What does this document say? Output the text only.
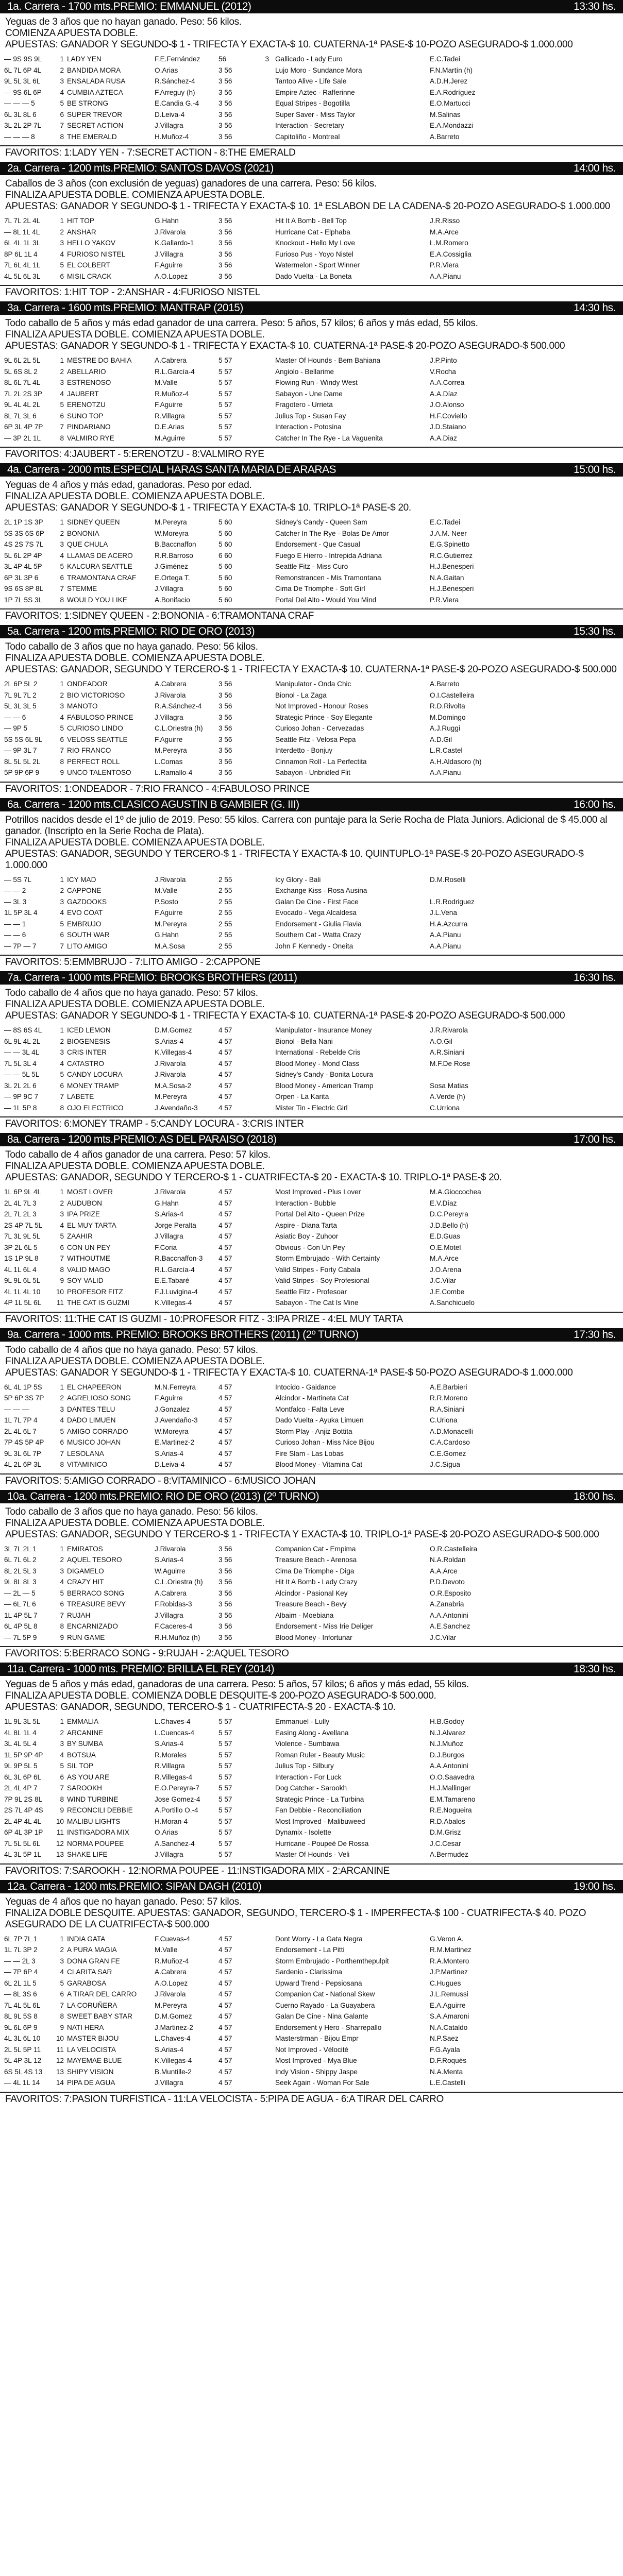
1a. Carrera - 1700 mts.PREMIO: EMMANUEL (2012)	13:30 hs.
Yeguas de 3 años que no hayan ganado. Peso: 56 kilos.
COMIENZA APUESTA DOBLE.
APUESTAS: GANADOR Y SEGUNDO-$ 1 - TRIFECTA Y EXACTA-$ 10. CUATERNA-1ª PASE-$ 10-POZO ASEGURADO-$ 1.000.000
— 9S 9S 9L	1 LADY YEN	F.E.Fernández	56	3 Gallicado - Lady Euro	E.C.Tadei
6L 7L 6P 4L	2 BANDIDA MORA	O.Arias	3 56	Lujo Moro - Sundance Mora	F.N.Martín (h)
9L 5L 3L 6L	3 ENSALADA RUSA	R.Sánchez-4	3 56	Tantoo Alive - Life Sale	A.D.H.Jerez
— 9S 6L 6P	4 CUMBIA AZTECA	F.Arreguy (h)	3 56	Empire Aztec - Rafferinne	E.A.Rodríguez
— — — 5	5 BE STRONG	E.Candia G.-4	3 56	Equal Stripes - Bogotilla	E.O.Martucci
6L 3L 8L 6	6 SUPER TREVOR	D.Leiva-4	3 56	Super Saver - Miss Taylor	M.Salinas
3L 2L 2P 7L	7 SECRET ACTION	J.Villagra	3 56	Interaction - Secretary	E.A.Mondazzi
— — — 8	8 THE EMERALD	H.Muñoz-4	3 56	Capitoliño - Montreal	A.Barreto
FAVORITOS: 1:LADY YEN - 7:SECRET ACTION - 8:THE EMERALD
2a. Carrera - 1200 mts.PREMIO: SANTOS DAVOS (2021)	14:00 hs.
Caballos de 3 años (con exclusión de yeguas) ganadores de una carrera. Peso: 56 kilos.
FINALIZA APUESTA DOBLE. COMIENZA APUESTA DOBLE.
APUESTAS: GANADOR Y SEGUNDO-$ 1 - TRIFECTA Y EXACTA-$ 10. 1ª ESLABON DE LA CADENA-$ 20-POZO ASEGURADO-$ 1.000.000
7L 7L 2L 4L	1 HIT TOP	G.Hahn	3 56	Hit It A Bomb - Bell Top	J.R.Risso
— 8L 1L 4L	2 ANSHAR	J.Rivarola	3 56	Hurricane Cat - Elphaba	M.A.Arce
6L 4L 1L 3L	3 HELLO YAKOV	K.Gallardo-1	3 56	Knockout - Hello My Love	L.M.Romero
8P 6L 1L 4	4 FURIOSO NISTEL	J.Villagra	3 56	Furioso Pus - Yoyo Nistel	E.A.Cossiglia
7L 6L 4L 1L	5 EL COLBERT	F.Aguirre	3 56	Watermelon - Sport Winner	P.R.Viera
4L 5L 6L 3L	6 MISIL CRACK	A.O.Lopez	3 56	Dado Vuelta - La Boneta	A.A.Pianu
FAVORITOS: 1:HIT TOP - 2:ANSHAR - 4:FURIOSO NISTEL
3a. Carrera - 1600 mts.PREMIO: MANTRAP (2015)	14:30 hs.
Todo caballo de 5 años y más edad ganador de una carrera. Peso: 5 años, 57 kilos; 6 años y más edad, 55 kilos.
FINALIZA APUESTA DOBLE. COMIENZA APUESTA DOBLE.
APUESTAS: GANADOR Y SEGUNDO-$ 1 - TRIFECTA Y EXACTA-$ 10. CUATERNA-1ª PASE-$ 20-POZO ASEGURADO-$ 500.000
9L 6L 2L 5L	1 MESTRE DO BAHIA	A.Cabrera	5 57	Master Of Hounds - Bem Bahiana	J.P.Pinto
5L 6S 8L 2	2 ABELLARIO	R.L.García-4	5 57	Angiolo - Bellarime	V.Rocha
8L 6L 7L 4L	3 ESTRENOSO	M.Valle	5 57	Flowing Run - Windy West	A.A.Correa
7L 2L 2S 3P	4 JAUBERT	R.Muñoz-4	5 57	Sabayon - Une Dame	A.A.Díaz
9L 4L 4L 2L	5 ERENOTZU	F.Aguirre	5 57	Fragotero - Urrieta	J.O.Alonso
8L 7L 3L 6	6 SUNO TOP	R.Villagra	5 57	Julius Top - Susan Fay	H.F.Coviello
6P 3L 4P 7P	7 PINDARIANO	D.E.Arias	5 57	Interaction - Potosina	J.D.Staiano
— 3P 2L 1L	8 VALMIRO RYE	M.Aguirre	5 57	Catcher In The Rye - La Vaguenita	A.A.Diaz
FAVORITOS: 4:JAUBERT - 5:ERENOTZU - 8:VALMIRO RYE
4a. Carrera - 2000 mts.ESPECIAL HARAS SANTA MARIA DE ARARAS	15:00 hs.
Yeguas de 4 años y más edad, ganadoras. Peso por edad.
FINALIZA APUESTA DOBLE. COMIENZA APUESTA DOBLE.
APUESTAS: GANADOR Y SEGUNDO-$ 1 - TRIFECTA Y EXACTA-$ 10. TRIPLO-1ª PASE-$ 20.
2L 1P 1S 3P	1 SIDNEY QUEEN	M.Pereyra	5 60	Sidney's Candy - Queen Sam	E.C.Tadei
5S 3S 6S 6P	2 BONONIA	W.Moreyra	5 60	Catcher In The Rye - Bolas De Amor	J.A.M. Neer
4S 2S 7S 7L	3 QUE CHULA	B.Baccnaffon	5 60	Endorsement - Que Casual	E.G.Spinetto
5L 6L 2P 4P	4 LLAMAS DE ACERO	R.R.Barroso	6 60	Fuego E Hierro - Intrepida Adriana	R.C.Gutierrez
3L 4P 4L 5P	5 KALCURA SEATTLE	J.Giménez	5 60	Seattle Fitz - Miss Curo	H.J.Benesperi
6P 3L 3P 6	6 TRAMONTANA CRAF	E.Ortega T.	5 60	Remonstrancen - Mis Tramontana	N.A.Gaitan
9S 6S 8P 8L	7 STEMME	J.Villagra	5 60	Cima De Triomphe - Soft Girl	H.J.Benesperi
1P 7L 5S 3L	8 WOULD YOU LIKE	A.Bonifacio	5 60	Portal Del Alto - Would You Mind	P.R.Viera
FAVORITOS: 1:SIDNEY QUEEN - 2:BONONIA - 6:TRAMONTANA CRAF
5a. Carrera - 1200 mts.PREMIO: RIO DE ORO (2013)	15:30 hs.
Todo caballo de 3 años que no haya ganado. Peso: 56 kilos.
FINALIZA APUESTA DOBLE. COMIENZA APUESTA DOBLE.
APUESTAS: GANADOR, SEGUNDO Y TERCERO-$ 1 - TRIFECTA Y EXACTA-$ 10. CUATERNA-1ª PASE-$ 20-POZO ASEGURADO-$ 500.000
2L 6P 5L 2	1 ONDEADOR	A.Cabrera	3 56	Manipulator - Onda Chic	A.Barreto
7L 9L 7L 2	2 BIO VICTORIOSO	J.Rivarola	3 56	Bionol - La Zaga	O.I.Castelleira
5L 3L 3L 5	3 MANOTO	R.A.Sánchez-4	3 56	Not Improved - Honour Roses	R.D.Rivolta
— — 6	4 FABULOSO PRINCE	J.Villagra	3 56	Strategic Prince - Soy Elegante	M.Domingo
— 9P 5	5 CURIOSO LINDO	C.L.Oriestra (h)	3 56	Curioso Johan - Cervezadas	A.J.Ruggi
5S 5S 6L 9L	6 VELOSS SEATTLE	F.Aguirre	3 56	Seattle Fitz - Velosa Pepa	A.D.Gil
— 9P 3L 7	7 RIO FRANCO	M.Pereyra	3 56	Interdetto - Bonjuy	L.R.Castel
8L 5L 5L 2L	8 PERFECT ROLL	L.Comas	3 56	Cinnamon Roll - La Perfectita	A.H.Aldasoro (h)
5P 9P 6P 9	9 UNCO TALENTOSO	L.Ramallo-4	3 56	Sabayon - Unbridled Flit	A.A.Pianu
FAVORITOS: 1:ONDEADOR - 7:RIO FRANCO - 4:FABULOSO PRINCE
6a. Carrera - 1200 mts.CLASICO AGUSTIN B GAMBIER (G. III)	16:00 hs.
Potrillos nacidos desde el 1º de julio de 2019. Peso: 55 kilos. Carrera con puntaje para la Serie Rocha de Plata Juniors. Adicional de $ 45.000 al ganador. (Inscripto en la Serie Rocha de Plata).
FINALIZA APUESTA DOBLE. COMIENZA APUESTA DOBLE.
APUESTAS: GANADOR, SEGUNDO Y TERCERO-$ 1 - TRIFECTA Y EXACTA-$ 10. QUINTUPLO-1ª PASE-$ 20-POZO ASEGURADO-$ 1.000.000
— 5S 7L	1 ICY MAD	J.Rivarola	2 55	Icy Glory - Bali	D.M.Roselli
— — 2	2 CAPPONE	M.Valle	2 55	Exchange Kiss - Rosa Ausina
— 3L 3	3 GAZDOOKS	P.Sosto	2 55	Galan De Cine - First Face	L.R.Rodriguez
1L 5P 3L 4	4 EVO COAT	F.Aguirre	2 55	Evocado - Vega Alcaldesa	J.L.Vena
— — 1	5 EMBRUJO	M.Pereyra	2 55	Endorsement - Giulia Flavia	H.A.Azcurra
— — 6	6 SOUTH WAR	G.Hahn	2 55	Southern Cat - Watta Crazy	A.A.Pianu
— 7P — 7	7 LITO AMIGO	M.A.Sosa	2 55	John F Kennedy - Oneita	A.A.Pianu
FAVORITOS: 5:EMMBRUJO - 7:LITO AMIGO - 2:CAPPONE
7a. Carrera - 1000 mts.PREMIO: BROOKS BROTHERS (2011)	16:30 hs.
Todo caballo de 4 años que no haya ganado. Peso: 57 kilos.
FINALIZA APUESTA DOBLE. COMIENZA APUESTA DOBLE.
APUESTAS: GANADOR Y SEGUNDO-$ 1 - TRIFECTA Y EXACTA-$ 10. CUATERNA-1ª PASE-$ 20-POZO ASEGURADO-$ 500.000
— 8S 6S 4L	1 ICED LEMON	D.M.Gomez	4 57	Manipulator - Insurance Money	J.R.Rivarola
6L 9L 4L 2L	2 BIOGENESIS	S.Arias-4	4 57	Bionol - Bella Nani	A.O.Gil
— — 3L 4L	3 CRIS INTER	K.Villegas-4	4 57	International - Rebelde Cris	A.R.Siniani
7L 5L 3L 4	4 CATASTRO	J.Rivarola	4 57	Blood Money - Mond Class	M.F.De Rose
— — 5L 5L	5 CANDY LOCURA	J.Rivarola	4 57	Sidney's Candy - Bonita Locura
3L 2L 2L 6	6 MONEY TRAMP	M.A.Sosa-2	4 57	Blood Money - American Tramp	Sosa Matias
— 9P 9C 7	7 LABETE	M.Pereyra	4 57	Orpen - La Karita	A.Verde (h)
— 1L 5P 8	8 OJO ELECTRICO	J.Avendaño-3	4 57	Mister Tin - Electric Girl	C.Urriona
FAVORITOS: 6:MONEY TRAMP - 5:CANDY LOCURA - 3:CRIS INTER
8a. Carrera - 1200 mts.PREMIO: AS DEL PARAISO (2018)	17:00 hs.
Todo caballo de 4 años ganador de una carrera. Peso: 57 kilos.
FINALIZA APUESTA DOBLE. COMIENZA APUESTA DOBLE.
APUESTAS: GANADOR, SEGUNDO Y TERCERO-$ 1 - CUATRIFECTA-$ 20 - EXACTA-$ 10. TRIPLO-1ª PASE-$ 20.
1L 6P 9L 4L	1 MOST LOVER	J.Rivarola	4 57	Most Improved - Plus Lover	M.A.Gioccochea
2L 4L 7L 3	2 AUDUBON	G.Hahn	4 57	Interaction - Bubble	E.V.Díaz
2L 7L 2L 3	3 IPA PRIZE	S.Arias-4	4 57	Portal Del Alto - Queen Prize	D.C.Pereyra
2S 4P 7L 5L	4 EL MUY TARTA	Jorge Peralta	4 57	Aspire - Diana Tarta	J.D.Bello (h)
7L 3L 9L 5L	5 ZAAHIR	J.Villagra	4 57	Asiatic Boy - Zuhoor	E.D.Guas
3P 2L 6L 5	6 CON UN PEY	F.Coria	4 57	Obvious - Con Un Pey	O.E.Motel
1S 1P 9L 8	7 WITHOUTME	R.Baccnaffon-3	4 57	Storm Embrujado - With Certainty	M.A.Arce
4L 1L 6L 4	8 VALID MAGO	R.L.García-4	4 57	Valid Stripes - Forty Cabala	J.O.Arena
9L 9L 6L 5L	9 SOY VALID	E.E.Tabaré	4 57	Valid Stripes - Soy Profesional	J.C.Vilar
4L 1L 4L 10	10 PROFESOR FITZ	F.J.Luvigina-4	4 57	Seattle Fitz - Profesoar	J.E.Combe
4P 1L 5L 6L	11 THE CAT IS GUZMI	K.Villegas-4	4 57	Sabayon - The Cat Is Mine	A.Sanchicuelo
FAVORITOS: 11:THE CAT IS GUZMI - 10:PROFESOR FITZ - 3:IPA PRIZE - 4:EL MUY TARTA
9a. Carrera - 1000 mts. PREMIO: BROOKS BROTHERS (2011) (2º TURNO)	17:30 hs.
Todo caballo de 4 años que no haya ganado. Peso: 57 kilos.
FINALIZA APUESTA DOBLE. COMIENZA APUESTA DOBLE.
APUESTAS: GANADOR Y SEGUNDO-$ 1 - TRIFECTA Y EXACTA-$ 10. CUATERNA-1ª PASE-$ 50-POZO ASEGURADO-$ 1.000.000
6L 4L 1P 5S	1 EL CHAPEERON	M.N.Ferreyra	4 57	Intocido - Gaidance	A.E.Barbieri
5P 6P 3S 7P	2 AGRELIOSO SONG	F.Aguirre	4 57	Alcindor - Martineta Cat	R.R.Moreno
— — —	3 DANTES TELU	J.Gonzalez	4 57	Montfalco - Falta Leve	R.A.Siniani
1L 7L 7P 4	4 DADO LIMUEN	J.Avendaño-3	4 57	Dado Vuelta - Ayuka Limuen	C.Uriona
2L 4L 6L 7	5 AMIGO CORRADO	W.Moreyra	4 57	Storm Play - Anjiz Bottita	A.D.Monacelli
7P 4S 5P 4P	6 MUSICO JOHAN	E.Martinez-2	4 57	Curioso Johan - Miss Nice Bijou	C.A.Cardoso
9L 3L 6L 7P	7 LESOLANA	S.Arias-4	4 57	Fire Slam - Las Lobas	C.E.Gomez
4L 2L 6P 3L	8 VITAMINICO	D.Leiva-4	4 57	Blood Money - Vitamina Cat	J.C.Sigua
FAVORITOS: 5:AMIGO CORRADO - 8:VITAMINICO - 6:MUSICO JOHAN
10a. Carrera - 1200 mts.PREMIO: RIO DE ORO (2013) (2º TURNO)	18:00 hs.
Todo caballo de 3 años que no haya ganado. Peso: 56 kilos.
FINALIZA APUESTA DOBLE. COMIENZA APUESTA DOBLE.
APUESTAS: GANADOR, SEGUNDO Y TERCERO-$ 1 - TRIFECTA Y EXACTA-$ 10. TRIPLO-1ª PASE-$ 20-POZO ASEGURADO-$ 500.000
3L 7L 2L 1	1 EMIRATOS	J.Rivarola	3 56	Companion Cat - Empima	O.R.Castelleira
6L 7L 6L 2	2 AQUEL TESORO	S.Arias-4	3 56	Treasure Beach - Arenosa	N.A.Roldan
8L 2L 5L 3	3 DIGAMELO	W.Aguirre	3 56	Cima De Triomphe - Diga	A.A.Arce
9L 8L 8L 3	4 CRAZY HIT	C.L.Oriestra (h)	3 56	Hit It A Bomb - Lady Crazy	P.D.Devoto
— 2L — 5	5 BERRACO SONG	A.Cabrera	3 56	Alcindor - Pasional Key	O.R.Esposito
— 6L 7L 6	6 TREASURE BEVY	F.Robidas-3	3 56	Treasure Beach - Bevy	A.Zanabria
1L 4P 5L 7	7 RUJAH	J.Villagra	3 56	Albaim - Moebiana	A.A.Antonini
6L 4P 5L 8	8 ENCARNIZADO	F.Caceres-4	3 56	Endorsement - Miss Irie Deliger	A.E.Sanchez
— 7L 5P 9	9 RUN GAME	R.H.Muñoz (h)	3 56	Blood Money - Infortunar	J.C.Vilar
FAVORITOS: 5:BERRACO SONG - 9:RUJAH - 2:AQUEL TESORO
11a. Carrera - 1000 mts. PREMIO: BRILLA EL REY (2014)	18:30 hs.
Yeguas de 5 años y más edad, ganadoras de una carrera. Peso: 5 años, 57 kilos; 6 años y más edad, 55 kilos.
FINALIZA APUESTA DOBLE. COMIENZA DOBLE DESQUITE-$ 200-POZO ASEGURADO-$ 500.000.
APUESTAS: GANADOR, SEGUNDO, TERCERO-$ 1 - CUATRIFECTA-$ 20 - EXACTA-$ 10.
1L 9L 3L 5L	1 EMMALIA	L.Chaves-4	5 57	Emmanuel - Lully	H.B.Godoy
4L 8L 1L 4	2 ARCANINE	L.Cuencas-4	5 57	Easing Along - Avellana	N.J.Alvarez
3L 4L 5L 4	3 BY SUMBA	S.Arias-4	5 57	Violence - Sumbawa	N.J.Muñoz
1L 5P 9P 4P	4 BOTSUA	R.Morales	5 57	Roman Ruler - Beauty Music	D.J.Burgos
9L 9P 5L 5	5 SIL TOP	R.Villagra	5 57	Julius Top - Silbury	A.A.Antonini
6L 3L 6P 6L	6 AS YOU ARE	R.Villegas-4	5 57	Interaction - For Luck	O.O.Saavedra
2L 4L 4P 7	7 SAROOKH	E.O.Pereyra-7	5 57	Dog Catcher - Sarookh	H.J.Mallinger
7P 9L 2S 8L	8 WIND TURBINE	Jose Gomez-4	5 57	Strategic Prince - La Turbina	E.M.Tamareno
2S 7L 4P 4S	9 RECONCILI DEBBIE	A.Portillo O.-4	5 57	Fan Debbie - Reconciliation	R.E.Nogueira
2L 4P 4L 4L	10 MALIBU LIGHTS	H.Moran-4	5 57	Most Improved - Malibuweed	R.D.Abalos
6P 4L 3P 1P	11 INSTIGADORA MIX	O.Arias	5 57	Dynamix - Isolette	D.M.Grisz
7L 5L 5L 6L	12 NORMA POUPEE	A.Sanchez-4	5 57	Hurricane - Poupeé De Rossa	J.C.Cesar
4L 3L 5P 1L	13 SHAKE LIFE	J.Villagra	5 57	Master Of Hounds - Veli	A.Bermudez
FAVORITOS: 7:SAROOKH - 12:NORMA POUPEE - 11:INSTIGADORA MIX - 2:ARCANINE
12a. Carrera - 1200 mts.PREMIO: SIPAN DAGH (2010)	19:00 hs.
Yeguas de 4 años que no hayan ganado. Peso: 57 kilos.
FINALIZA DOBLE DESQUITE. APUESTAS: GANADOR, SEGUNDO, TERCERO-$ 1 - IMPERFECTA-$ 100 - CUATRIFECTA-$ 40. POZO ASEGURADO DE LA CUATRIFECTA-$ 500.000
6L 7P 7L 1	1 INDIA GATA	F.Cuevas-4	4 57	Dont Worry - La Gata Negra	G.Veron A.
1L 7L 3P 2	2 A PURA MAGIA	M.Valle	4 57	Endorsement - La Pitti	R.M.Martinez
— — 2L 3	3 DONA GRAN FE	R.Muñoz-4	4 57	Storm Embrujado - Porthemthepulpit	R.A.Montero
— 7P 6P 4	4 CLARITA SAR	A.Cabrera	4 57	Sardenio - Clarissima	J.P.Martinez
6L 2L 1L 5	5 GARABOSA	A.O.Lopez	4 57	Upward Trend - Pepsiosana	C.Hugues
— 8L 3S 6	6 A TIRAR DEL CARRO	J.Rivarola	4 57	Companion Cat - National Skew	J.L.Remussi
7L 4L 5L 6L	7 LA CORUÑERA	M.Pereyra	4 57	Cuerno Rayado - La Guayabera	E.A.Aguirre
8L 9L 5S 8	8 SWEET BABY STAR	D.M.Gomez	4 57	Galan De Cine - Nina Galante	S.A.Amaroni
9L 6L 6P 9	9 NATI HERA	J.Martinez-2	4 57	Endorsement y Hero - Sharrepallo	N.A.Cataldo
4L 3L 6L 10	10 MASTER BIJOU	L.Chaves-4	4 57	Masterstrman - Bijou Empr	N.P.Saez
2L 5L 5P 11	11 LA VELOCISTA	S.Arias-4	4 57	Not Improved - Vélocité	F.G.Ayala
5L 4P 3L 12	12 MAYEMAE BLUE	K.Villegas-4	4 57	Most Improved - Mya Blue	D.F.Roqués
6S 5L 4S 13	13 SHIPY VISION	B.Muntille-2	4 57	Indy Vision - Shippy Jaspe	N.A.Menta
— 4L 1L 14	14 PIPA DE AGUA	J.Villagra	4 57	Seek Again - Woman For Sale	L.E.Castelli
FAVORITOS: 7:PASION TURFISTICA - 11:LA VELOCISTA - 5:PIPA DE AGUA - 6:A TIRAR DEL CARRO
